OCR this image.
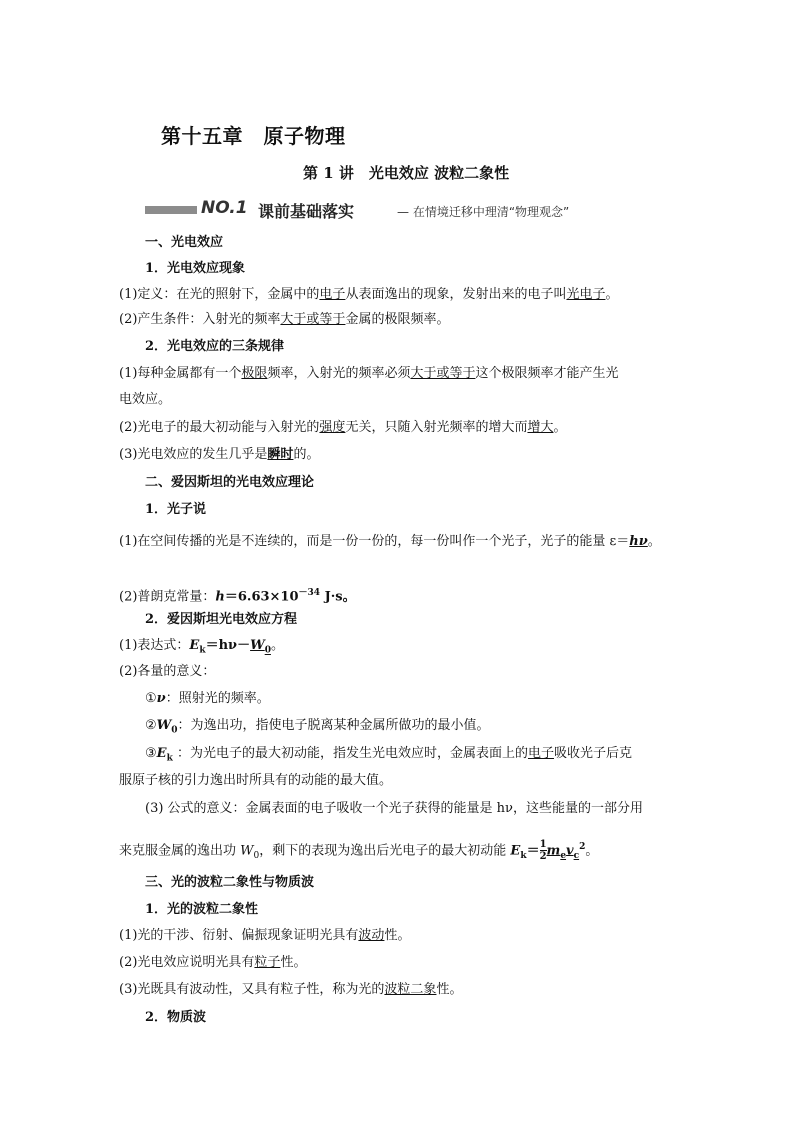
第十五章　原子物理
第 1 讲　光电效应 波粒二象性
NO.1 课前基础落实	— 在情境迁移中理清“物理观念”
一、光电效应
1．光电效应现象
(1)定义：在光的照射下，金属中的电子从表面逸出的现象，发射出来的电子叫光电子。
(2)产生条件：入射光的频率大于或等于金属的极限频率。
2．光电效应的三条规律
(1)每种金属都有一个极限频率，入射光的频率必须大于或等于这个极限频率才能产生光
电效应。
(2)光电子的最大初动能与入射光的强度无关，只随入射光频率的增大而增大。
(3)光电效应的发生几乎是瞬时的。
二、爱因斯坦的光电效应理论
1．光子说
(1)在空间传播的光是不连续的，而是一份一份的，每一份叫作一个光子，光子的能量 ε＝hν。
(2)普朗克常量：$h=6.63\times 10^{-34}$ J·s。
2．爱因斯坦光电效应方程
(1)表达式：$E_k=h\nu-W_0$。
(2)各量的意义：
①ν：照射光的频率。
$②W_0$：为逸出功，指使电子脱离某种金属所做功的最小值。
$③E_k$ ：为光电子的最大初动能，指发生光电效应时，金属表面上的电子吸收光子后克
服原子核的引力逸出时所具有的动能的最大值。
(3) 公式的意义：金属表面的电子吸收一个光子获得的能量是 hν，这些能量的一部分用
来克服金属的逸出功 $W_0$，剩下的表现为逸出后光电子的最大初动能 $E_k= \frac{1}{2} m_ev_c^2$。
三、光的波粒二象性与物质波
1．光的波粒二象性
(1)光的干涉、衍射、偏振现象证明光具有波动性。
(2)光电效应说明光具有粒子性。
(3)光既具有波动性，又具有粒子性，称为光的波粒二象性。
2．物质波
